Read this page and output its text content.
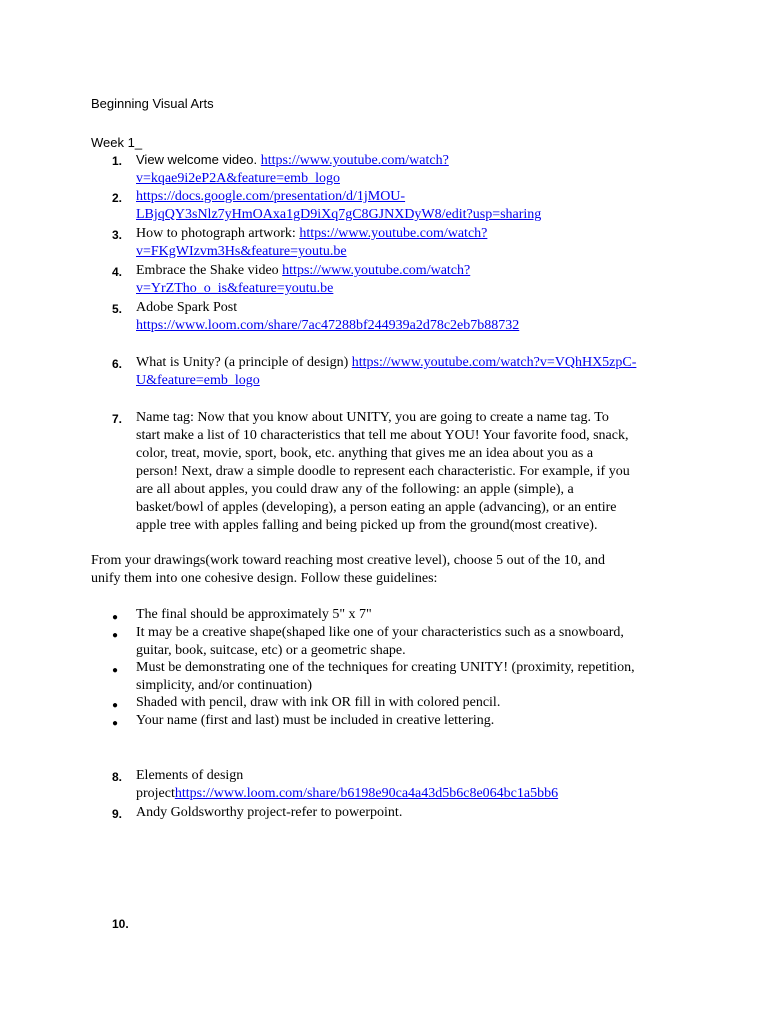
Beginning Visual Arts
Week 1_
1.	View welcome video. https://www.youtube.com/watch?
v=kqae9i2eP2A&feature=emb_logo
2. https://docs.google.com/presentation/d/1jMOU-
LBjqQY3sNlz7yHmOAxa1gD9iXq7gC8GJNXDyW8/edit?usp=sharing
3. How to photograph artwork: https://www.youtube.com/watch?
v=FKgWIzvm3Hs&feature=youtu.be
4. Embrace the Shake video https://www.youtube.com/watch?
v=YrZTho_o_is&feature=youtu.be
5. Adobe Spark Post
https://www.loom.com/share/7ac47288bf244939a2d78c2eb7b88732
6. What is Unity? (a principle of design) https://www.youtube.com/watch?v=VQhHX5zpC-
U&feature=emb_logo
7. Name tag: Now that you know about UNITY, you are going to create a name tag. To
start make a list of 10 characteristics that tell me about YOU! Your favorite food, snack,
color, treat, movie, sport, book, etc. anything that gives me an idea about you as a
person! Next, draw a simple doodle to represent each characteristic. For example, if you
are all about apples, you could draw any of the following: an apple (simple), a
basket/bowl of apples (developing), a person eating an apple (advancing), or an entire
apple tree with apples falling and being picked up from the ground(most creative).
From your drawings(work toward reaching most creative level), choose 5 out of the 10, and
unify them into one cohesive design. Follow these guidelines:
● The final should be approximately 5" x 7"
● It may be a creative shape(shaped like one of your characteristics such as a snowboard,
guitar, book, suitcase, etc) or a geometric shape.
● Must be demonstrating one of the techniques for creating UNITY! (proximity, repetition,
simplicity, and/or continuation)
● Shaded with pencil, draw with ink OR fill in with colored pencil.
● Your name (first and last) must be included in creative lettering.
8. Elements of design
projecthttps://www.loom.com/share/b6198e90ca4a43d5b6c8e064bc1a5bb6
9. Andy Goldsworthy project-refer to powerpoint.
10.
